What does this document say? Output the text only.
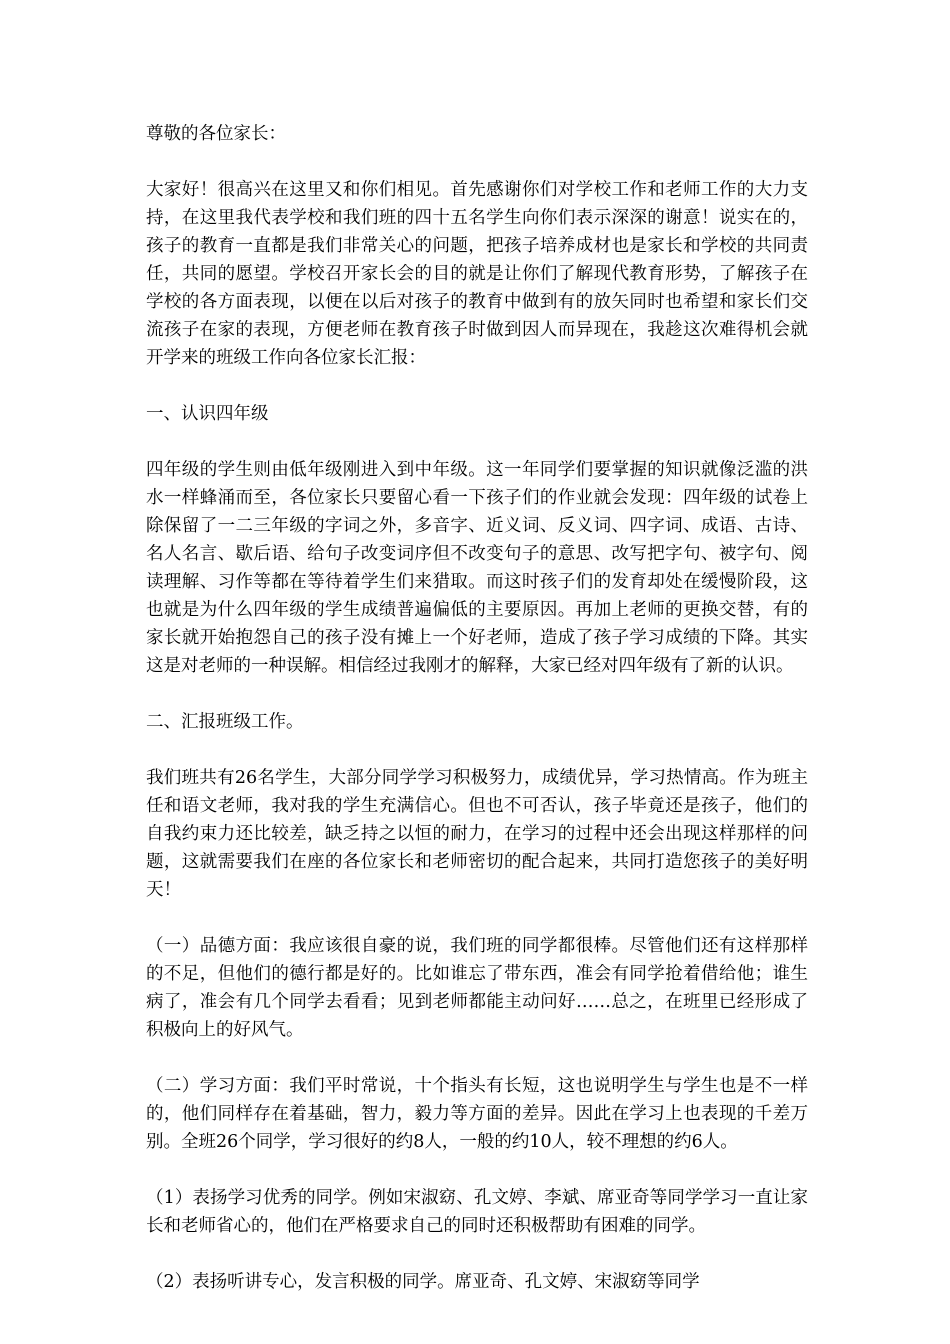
尊敬的各位家长：

大家好！很高兴在这里又和你们相见。首先感谢你们对学校工作和老师工作的大力支持，在这里我代表学校和我们班的四十五名学生向你们表示深深的谢意！说实在的，孩子的教育一直都是我们非常关心的问题，把孩子培养成材也是家长和学校的共同责任，共同的愿望。学校召开家长会的目的就是让你们了解现代教育形势，了解孩子在学校的各方面表现，以便在以后对孩子的教育中做到有的放矢同时也希望和家长们交流孩子在家的表现，方便老师在教育孩子时做到因人而异现在，我趁这次难得机会就开学来的班级工作向各位家长汇报：

一、认识四年级

四年级的学生则由低年级刚进入到中年级。这一年同学们要掌握的知识就像泛滥的洪水一样蜂涌而至，各位家长只要留心看一下孩子们的作业就会发现：四年级的试卷上除保留了一二三年级的字词之外，多音字、近义词、反义词、四字词、成语、古诗、名人名言、歇后语、给句子改变词序但不改变句子的意思、改写把字句、被字句、阅读理解、习作等都在等待着学生们来猎取。而这时孩子们的发育却处在缓慢阶段，这也就是为什么四年级的学生成绩普遍偏低的主要原因。再加上老师的更换交替，有的家长就开始抱怨自己的孩子没有摊上一个好老师，造成了孩子学习成绩的下降。其实这是对老师的一种误解。相信经过我刚才的解释，大家已经对四年级有了新的认识。

二、汇报班级工作。

我们班共有26名学生，大部分同学学习积极努力，成绩优异，学习热情高。作为班主任和语文老师，我对我的学生充满信心。但也不可否认，孩子毕竟还是孩子，他们的自我约束力还比较差，缺乏持之以恒的耐力，在学习的过程中还会出现这样那样的问题，这就需要我们在座的各位家长和老师密切的配合起来，共同打造您孩子的美好明天！

（一）品德方面：我应该很自豪的说，我们班的同学都很棒。尽管他们还有这样那样的不足，但他们的德行都是好的。比如谁忘了带东西，准会有同学抢着借给他；谁生病了，准会有几个同学去看看；见到老师都能主动问好……总之，在班里已经形成了积极向上的好风气。

（二）学习方面：我们平时常说，十个指头有长短，这也说明学生与学生也是不一样的，他们同样存在着基础，智力，毅力等方面的差异。因此在学习上也表现的千差万别。全班26个同学，学习很好的约8人，一般的约10人，较不理想的约6人。

（1）表扬学习优秀的同学。例如宋淑窈、孔文婷、李斌、席亚奇等同学学习一直让家长和老师省心的，他们在严格要求自己的同时还积极帮助有困难的同学。

（2）表扬听讲专心，发言积极的同学。席亚奇、孔文婷、宋淑窈等同学
